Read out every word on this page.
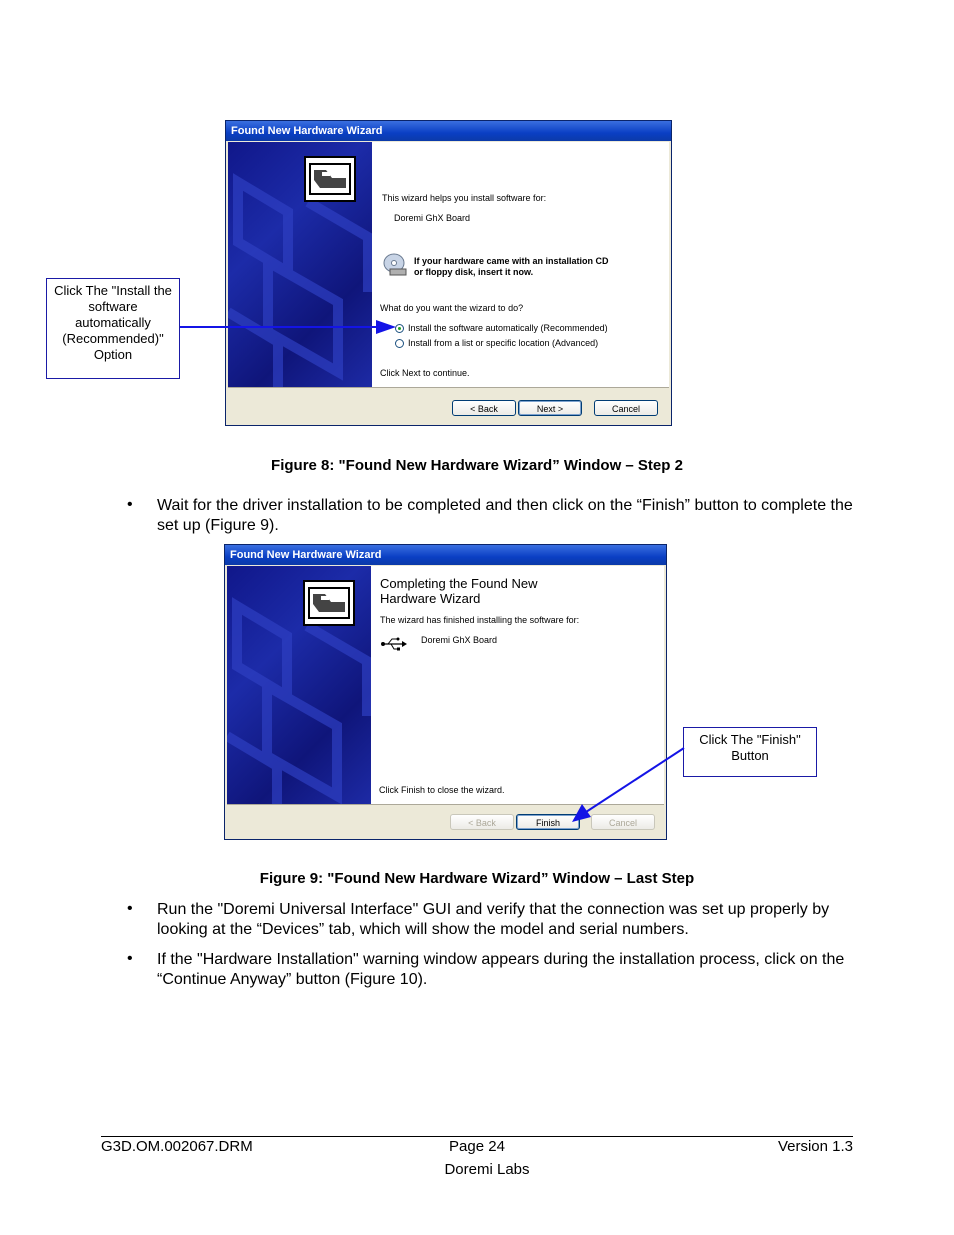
Found New Hardware Wizard
This wizard helps you install software for:
Doremi GhX Board
If your hardware came with an installation CD
or floppy disk, insert it now.
What do you want the wizard to do?
Install the software automatically (Recommended)
Install from a list or specific location (Advanced)
Click Next to continue.
< Back	Next >	Cancel
Click The "Install the software automatically (Recommended)" Option
Figure 8: "Found New Hardware Wizard” Window – Step 2
• Wait for the driver installation to be completed and then click on the “Finish” button to complete the set up (Figure 9).
Found New Hardware Wizard
Completing the Found New Hardware Wizard
The wizard has finished installing the software for:
Doremi GhX Board
Click Finish to close the wizard.
< Back	Finish	Cancel
Click The "Finish" Button
Figure 9: "Found New Hardware Wizard” Window – Last Step
• Run the "Doremi Universal Interface" GUI and verify that the connection was set up properly by looking at the “Devices” tab, which will show the model and serial numbers.
• If the "Hardware Installation" warning window appears during the installation process, click on the “Continue Anyway” button (Figure 10).
G3D.OM.002067.DRM	Page 24	Version 1.3
Doremi Labs
